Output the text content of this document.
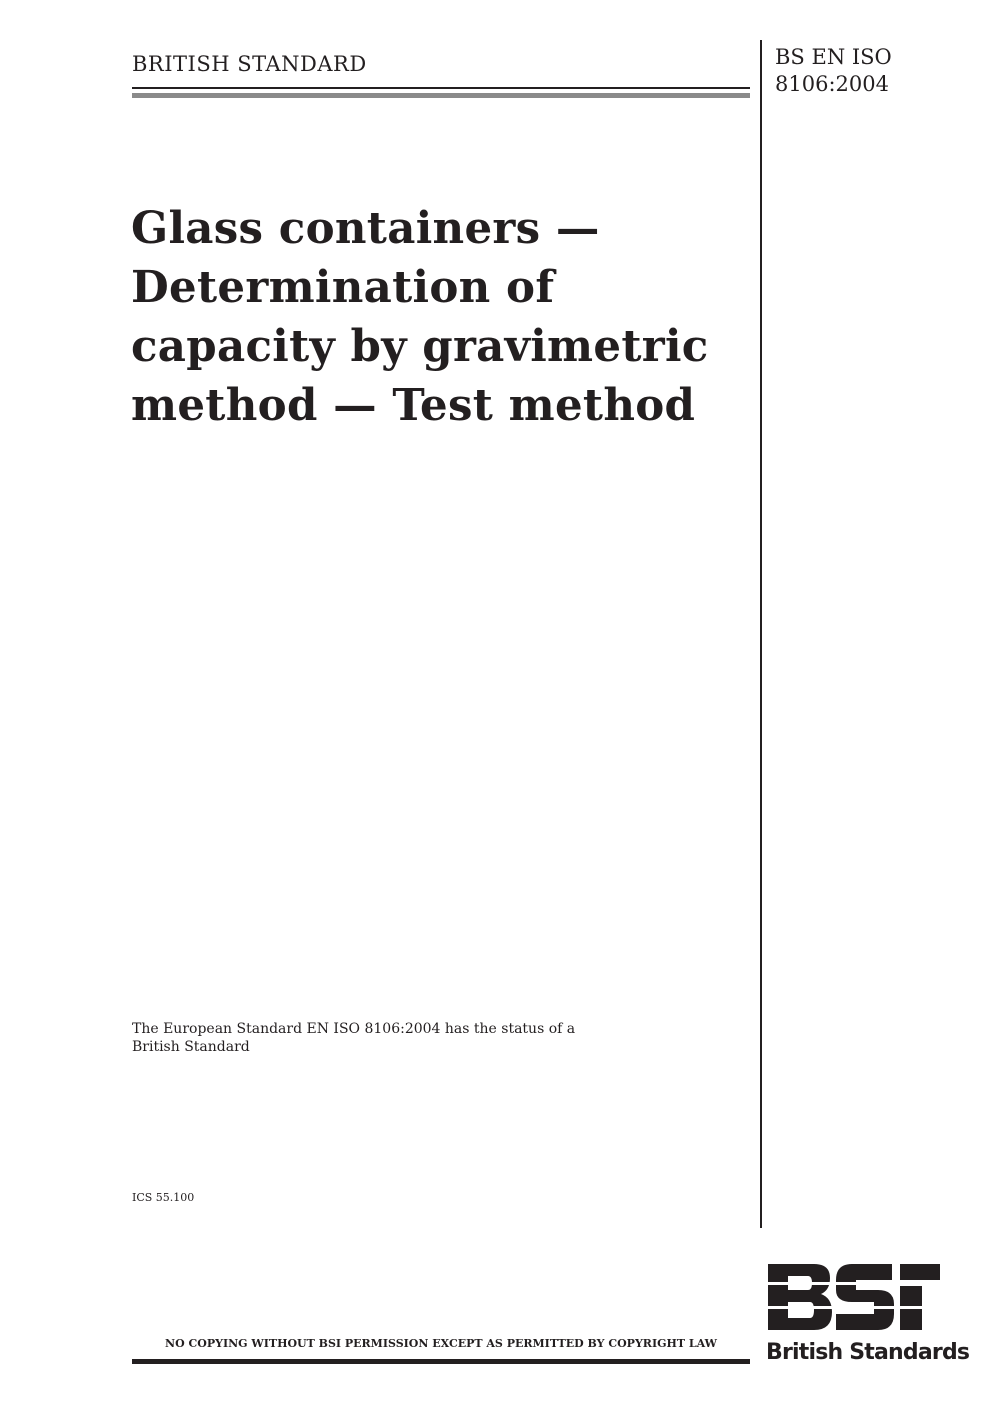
BRITISH STANDARD	BS EN ISO
8106:2004
Glass containers —
Determination of
capacity by gravimetric
method — Test method
The European Standard EN ISO 8106:2004 has the status of a
British Standard
ICS 55.100
NO COPYING WITHOUT BSI PERMISSION EXCEPT AS PERMITTED BY COPYRIGHT LAW	British Standards
